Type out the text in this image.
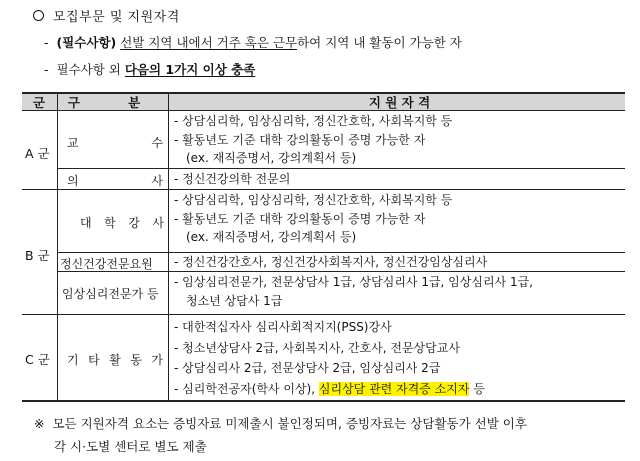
모집부문 및 지원자격
- (필수사항) 선발 지역 내에서 거주 혹은 근무하여 지역 내 활동이 가능한 자
- 필수사항 외 다음의 1가지 이상 충족
군 구 분	지 원 자 격
A 군
교 수
- 상담심리학, 임상심리학, 정신간호학, 사회복지학 등
- 활동년도 기준 대학 강의활동이 증명 가능한 자
(ex. 재직증명서, 강의계획서 등)
의 사 - 정신건강의학 전문의
B 군
대 학 강 사
- 상담심리학, 임상심리학, 정신간호학, 사회복지학 등
- 활동년도 기준 대학 강의활동이 증명 가능한 자
(ex. 재직증명서, 강의계획서 등)
정신건강전문요원 - 정신건강간호사, 정신건강사회복지사, 정신건강임상심리사
임상심리전문가 등
- 임상심리전문가, 전문상담사 1급, 상담심리사 1급, 임상심리사 1급,
청소년 상담사 1급
C 군 기 타 활 동 가
- 대한적십자사 심리사회적지지(PSS)강사
- 청소년상담사 2급, 사회복지사, 간호사, 전문상담교사
- 상담심리사 2급, 전문상담사 2급, 임상심리사 2급
- 심리학전공자(학사 이상), 심리상담 관련 자격증 소지자 등
※ 모든 지원자격 요소는 증빙자료 미제출시 불인정되며, 증빙자료는 상담활동가 선발 이후
각 시·도별 센터로 별도 제출
